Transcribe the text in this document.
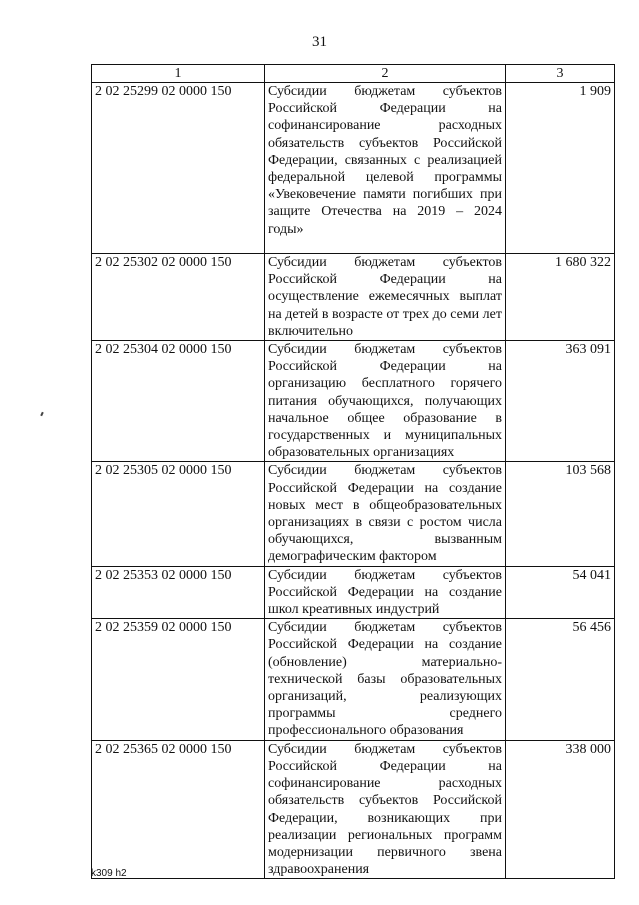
31
1	2	3
2 02 25299 02 0000 150	Субсидии бюджетам субъектов Российской Федерации на софинансирование расходных обязательств субъектов Российской Федерации, связанных с реализацией федеральной целевой программы «Увековечение памяти погибших при защите Отечества на 2019 – 2024 годы»	1 909
2 02 25302 02 0000 150	Субсидии бюджетам субъектов Российской Федерации на осуществление ежемесячных выплат на детей в возрасте от трех до семи лет включительно	1 680 322
2 02 25304 02 0000 150	Субсидии бюджетам субъектов Российской Федерации на организацию бесплатного горячего питания обучающихся, получающих начальное общее образование в государственных и муниципальных образовательных организациях	363 091
2 02 25305 02 0000 150	Субсидии бюджетам субъектов Российской Федерации на создание новых мест в общеобразовательных организациях в связи с ростом числа обучающихся, вызванным демографическим фактором	103 568
2 02 25353 02 0000 150	Субсидии бюджетам субъектов Российской Федерации на создание школ креативных индустрий	54 041
2 02 25359 02 0000 150	Субсидии бюджетам субъектов Российской Федерации на создание (обновление) материально-технической базы образовательных организаций, реализующих программы среднего профессионального образования	56 456
2 02 25365 02 0000 150	Субсидии бюджетам субъектов Российской Федерации на софинансирование расходных обязательств субъектов Российской Федерации, возникающих при реализации региональных программ модернизации первичного звена здравоохранения	338 000
k309 h2
